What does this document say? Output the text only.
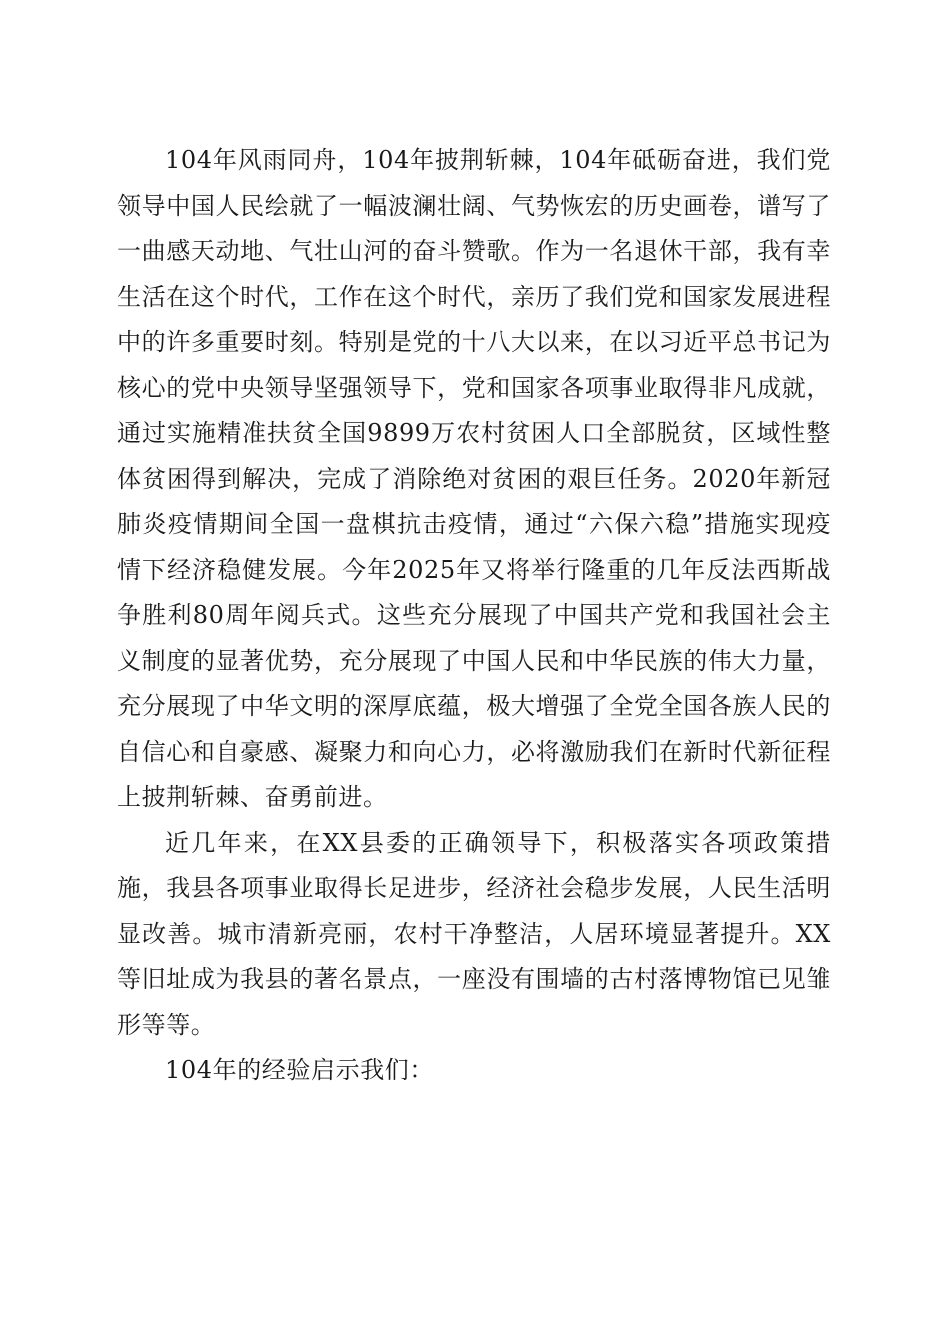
104年风雨同舟，104年披荆斩棘，104年砥砺奋进，我们党领导中国人民绘就了一幅波澜壮阔、气势恢宏的历史画卷，谱写了一曲感天动地、气壮山河的奋斗赞歌。作为一名退休干部，我有幸生活在这个时代，工作在这个时代，亲历了我们党和国家发展进程中的许多重要时刻。特别是党的十八大以来，在以习近平总书记为核心的党中央领导坚强领导下，党和国家各项事业取得非凡成就，通过实施精准扶贫全国9899万农村贫困人口全部脱贫，区域性整体贫困得到解决，完成了消除绝对贫困的艰巨任务。2020年新冠肺炎疫情期间全国一盘棋抗击疫情，通过“六保六稳”措施实现疫情下经济稳健发展。今年2025年又将举行隆重的几年反法西斯战争胜利80周年阅兵式。这些充分展现了中国共产党和我国社会主义制度的显著优势，充分展现了中国人民和中华民族的伟大力量，充分展现了中华文明的深厚底蕴，极大增强了全党全国各族人民的自信心和自豪感、凝聚力和向心力，必将激励我们在新时代新征程上披荆斩棘、奋勇前进。

近几年来，在XX县委的正确领导下，积极落实各项政策措施，我县各项事业取得长足进步，经济社会稳步发展，人民生活明显改善。城市清新亮丽，农村干净整洁，人居环境显著提升。XX等旧址成为我县的著名景点，一座没有围墙的古村落博物馆已见雏形等等。

104年的经验启示我们：
